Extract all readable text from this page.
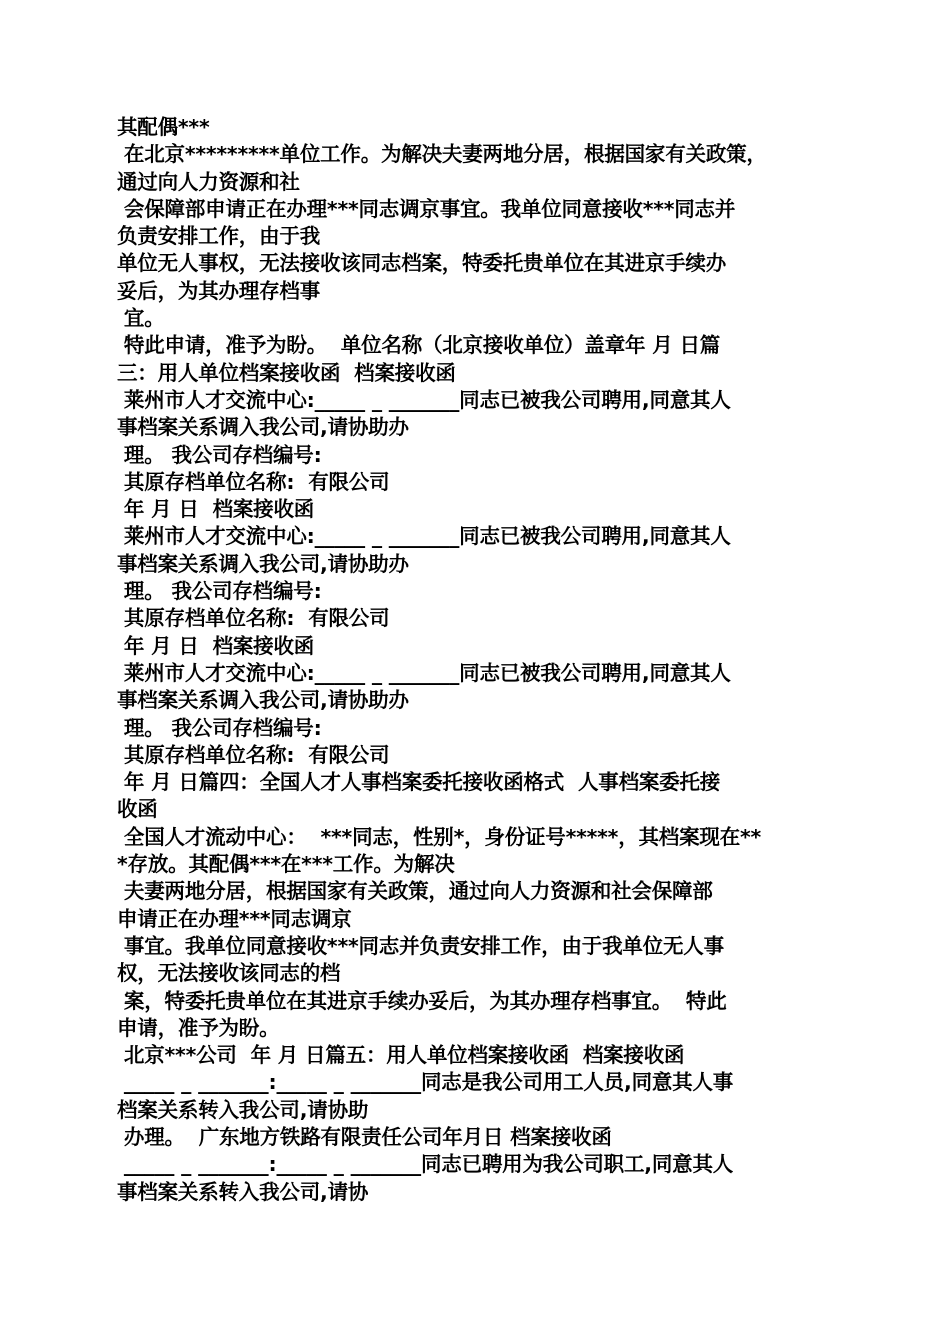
其配偶***
在北京*********单位工作。为解决夫妻两地分居，根据国家有关政策，
通过向人力资源和社
会保障部申请正在办理***同志调京事宜。我单位同意接收***同志并
负责安排工作，由于我
单位无人事权，无法接收该同志档案，特委托贵单位在其进京手续办
妥后，为其办理存档事
宜。
特此申请，准予为盼。  单位名称（北京接收单位）盖章年 月 日篇
三：用人单位档案接收函  档案接收函
莱州市人才交流中心:_____ _ _______同志已被我公司聘用,同意其人
事档案关系调入我公司,请协助办
理。 我公司存档编号:
其原存档单位名称:  有限公司
年 月 日  档案接收函
莱州市人才交流中心:_____ _ _______同志已被我公司聘用,同意其人
事档案关系调入我公司,请协助办
理。 我公司存档编号:
其原存档单位名称:  有限公司
年 月 日  档案接收函
莱州市人才交流中心:_____ _ _______同志已被我公司聘用,同意其人
事档案关系调入我公司,请协助办
理。 我公司存档编号:
其原存档单位名称:  有限公司
年 月 日篇四：全国人才人事档案委托接收函格式  人事档案委托接
收函
全国人才流动中心：  ***同志，性别*，身份证号*****，其档案现在**
*存放。其配偶***在***工作。为解决
夫妻两地分居，根据国家有关政策，通过向人力资源和社会保障部
申请正在办理***同志调京
事宜。我单位同意接收***同志并负责安排工作，由于我单位无人事
权，无法接收该同志的档
案，特委托贵单位在其进京手续办妥后，为其办理存档事宜。  特此
申请，准予为盼。
北京***公司  年 月 日篇五：用人单位档案接收函  档案接收函
_____ _ _______:_____ _ _______同志是我公司用工人员,同意其人事
档案关系转入我公司,请协助
办理。  广东地方铁路有限责任公司年月日 档案接收函
_____ _ _______:_____ _ _______同志已聘用为我公司职工,同意其人
事档案关系转入我公司,请协
